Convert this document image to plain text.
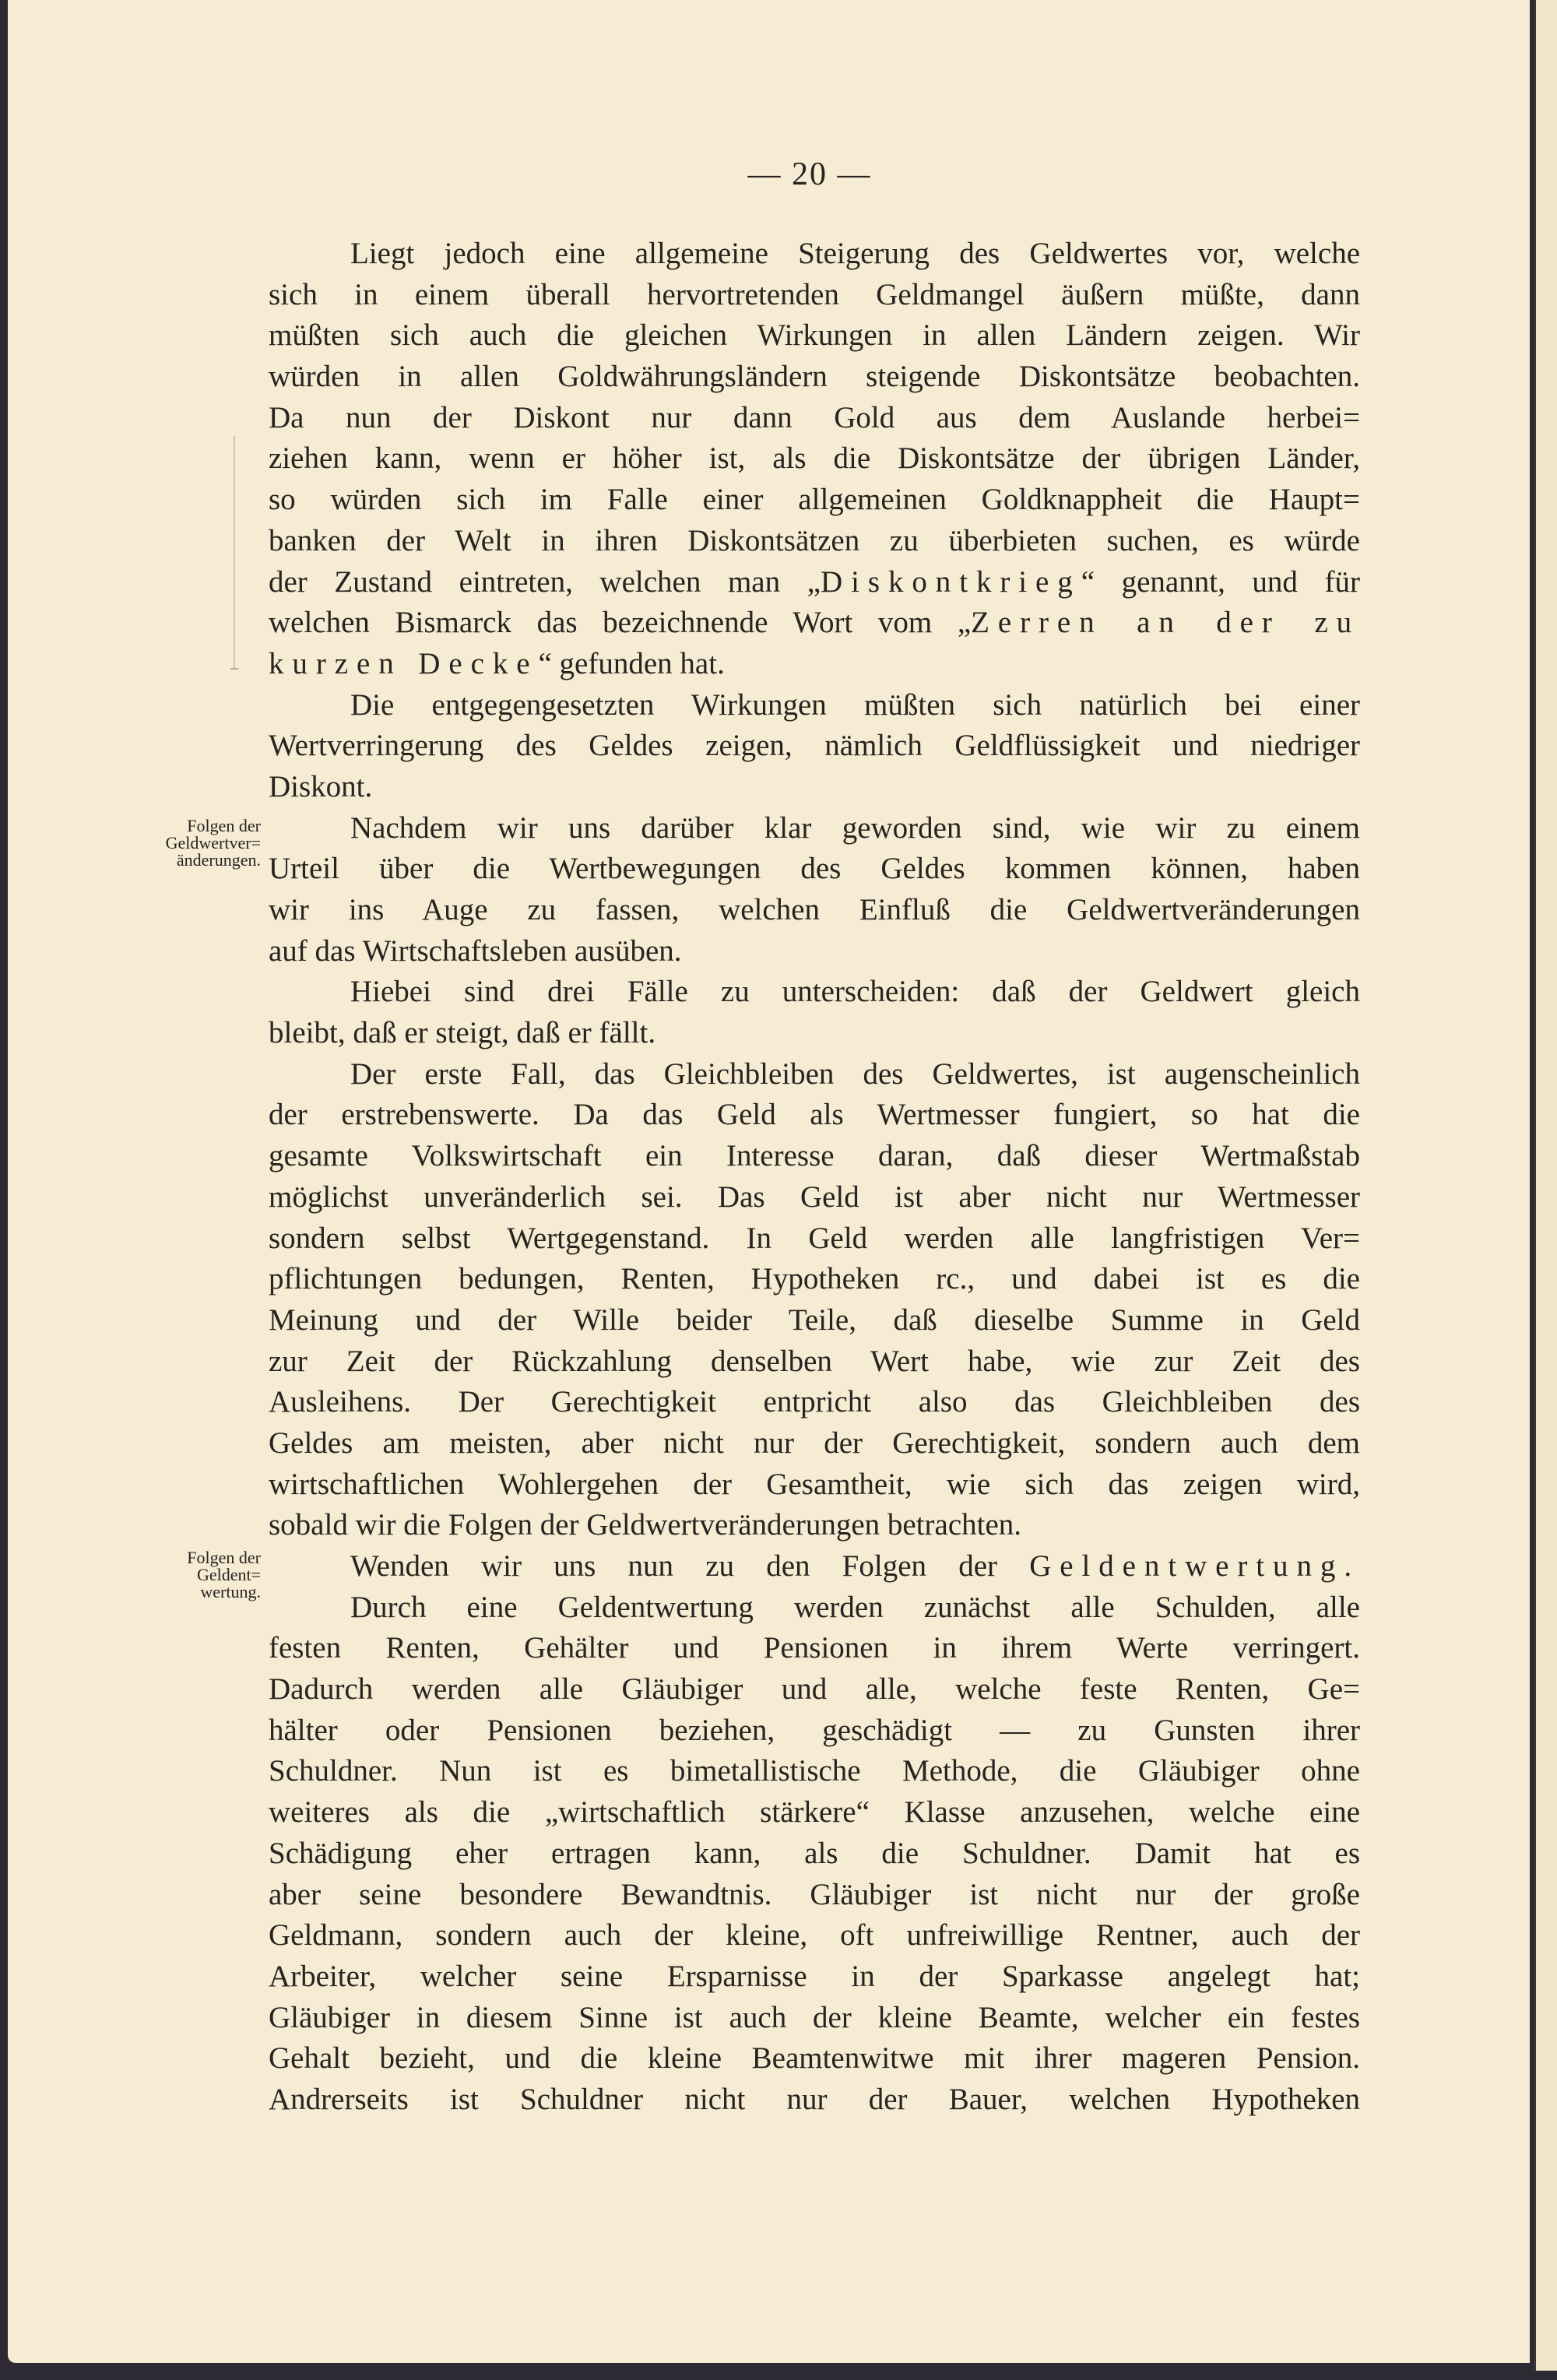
— 20 —
Folgen der
Geldwertver=
änderungen.
Folgen der
Geldent=
wertung.
Liegt jedoch eine allgemeine Steigerung des Geldwertes vor, welche
sich in einem überall hervortretenden Geldmangel äußern müßte, dann
müßten sich auch die gleichen Wirkungen in allen Ländern zeigen. Wir
würden in allen Goldwährungsländern steigende Diskontsätze beobachten.
Da nun der Diskont nur dann Gold aus dem Auslande herbei=
ziehen kann, wenn er höher ist, als die Diskontsätze der übrigen Länder,
so würden sich im Falle einer allgemeinen Goldknappheit die Haupt=
banken der Welt in ihren Diskontsätzen zu überbieten suchen, es würde
der Zustand eintreten, welchen man „Diskontkrieg“ genannt, und für
welchen Bismarck das bezeichnende Wort vom „Zerren an der zu
kurzen Decke“ gefunden hat.
Die entgegengesetzten Wirkungen müßten sich natürlich bei einer
Wertverringerung des Geldes zeigen, nämlich Geldflüssigkeit und niedriger
Diskont.
Nachdem wir uns darüber klar geworden sind, wie wir zu einem
Urteil über die Wertbewegungen des Geldes kommen können, haben
wir ins Auge zu fassen, welchen Einfluß die Geldwertveränderungen
auf das Wirtschaftsleben ausüben.
Hiebei sind drei Fälle zu unterscheiden: daß der Geldwert gleich
bleibt, daß er steigt, daß er fällt.
Der erste Fall, das Gleichbleiben des Geldwertes, ist augenscheinlich
der erstrebenswerte. Da das Geld als Wertmesser fungiert, so hat die
gesamte Volkswirtschaft ein Interesse daran, daß dieser Wertmaßstab
möglichst unveränderlich sei. Das Geld ist aber nicht nur Wertmesser
sondern selbst Wertgegenstand. In Geld werden alle langfristigen Ver=
pflichtungen bedungen, Renten, Hypotheken rc., und dabei ist es die
Meinung und der Wille beider Teile, daß dieselbe Summe in Geld
zur Zeit der Rückzahlung denselben Wert habe, wie zur Zeit des
Ausleihens. Der Gerechtigkeit entpricht also das Gleichbleiben des
Geldes am meisten, aber nicht nur der Gerechtigkeit, sondern auch dem
wirtschaftlichen Wohlergehen der Gesamtheit, wie sich das zeigen wird,
sobald wir die Folgen der Geldwertveränderungen betrachten.
Wenden wir uns nun zu den Folgen der Geldentwertung.
Durch eine Geldentwertung werden zunächst alle Schulden, alle
festen Renten, Gehälter und Pensionen in ihrem Werte verringert.
Dadurch werden alle Gläubiger und alle, welche feste Renten, Ge=
hälter oder Pensionen beziehen, geschädigt — zu Gunsten ihrer
Schuldner. Nun ist es bimetallistische Methode, die Gläubiger ohne
weiteres als die „wirtschaftlich stärkere“ Klasse anzusehen, welche eine
Schädigung eher ertragen kann, als die Schuldner. Damit hat es
aber seine besondere Bewandtnis. Gläubiger ist nicht nur der große
Geldmann, sondern auch der kleine, oft unfreiwillige Rentner, auch der
Arbeiter, welcher seine Ersparnisse in der Sparkasse angelegt hat;
Gläubiger in diesem Sinne ist auch der kleine Beamte, welcher ein festes
Gehalt bezieht, und die kleine Beamtenwitwe mit ihrer mageren Pension.
Andrerseits ist Schuldner nicht nur der Bauer, welchen Hypotheken
